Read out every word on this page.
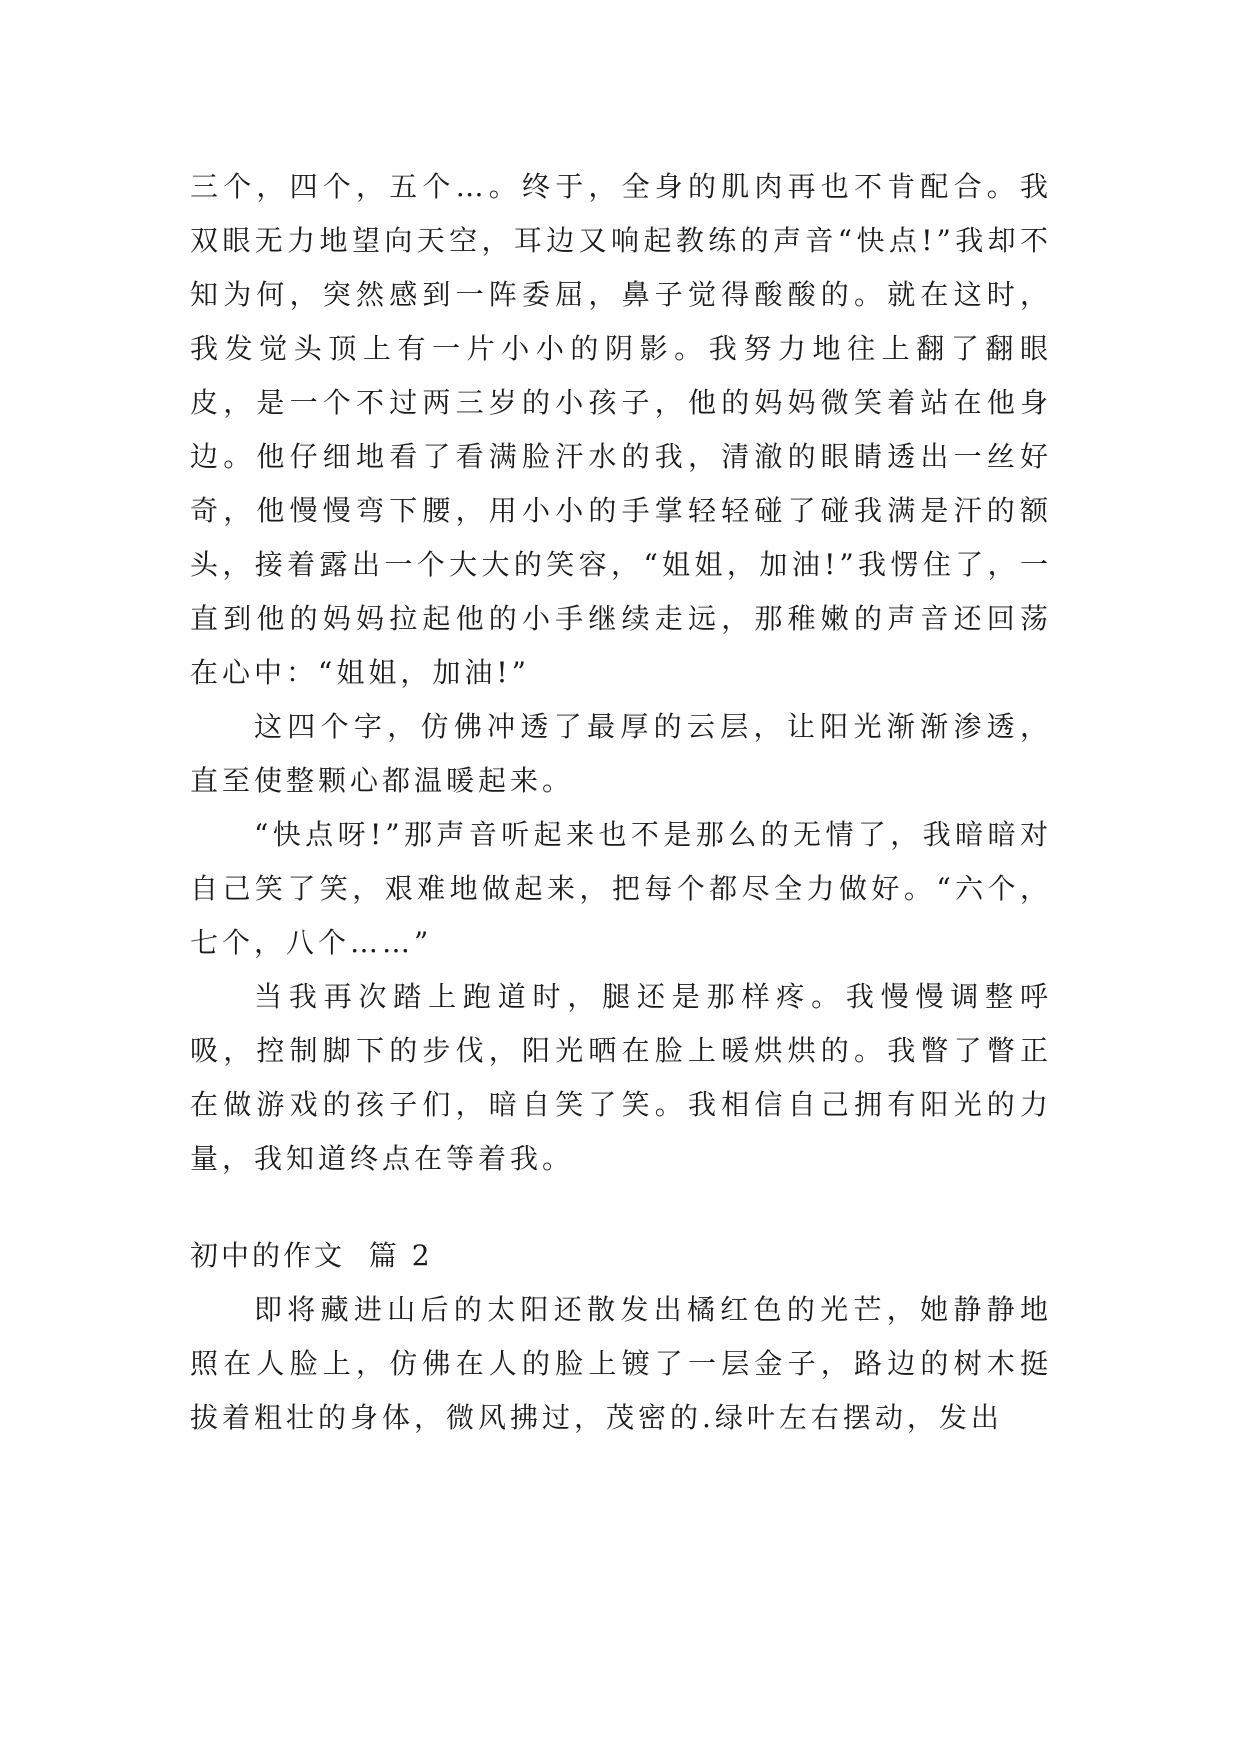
三个，四个，五个…。终于，全身的肌肉再也不肯配合。我双眼无力地望向天空，耳边又响起教练的声音“快点!”我却不知为何，突然感到一阵委屈，鼻子觉得酸酸的。就在这时，我发觉头顶上有一片小小的阴影。我努力地往上翻了翻眼皮，是一个不过两三岁的小孩子，他的妈妈微笑着站在他身边。他仔细地看了看满脸汗水的我，清澈的眼睛透出一丝好奇，他慢慢弯下腰，用小小的手掌轻轻碰了碰我满是汗的额头，接着露出一个大大的笑容，“姐姐，加油!”我愣住了，一直到他的妈妈拉起他的小手继续走远，那稚嫩的声音还回荡在心中：“姐姐，加油!”

这四个字，仿佛冲透了最厚的云层，让阳光渐渐渗透，直至使整颗心都温暖起来。

“快点呀!”那声音听起来也不是那么的无情了，我暗暗对自己笑了笑，艰难地做起来，把每个都尽全力做好。“六个，七个，八个……”

当我再次踏上跑道时，腿还是那样疼。我慢慢调整呼吸，控制脚下的步伐，阳光晒在脸上暖烘烘的。我瞥了瞥正在做游戏的孩子们，暗自笑了笑。我相信自己拥有阳光的力量，我知道终点在等着我。

初中的作文  篇 2

即将藏进山后的太阳还散发出橘红色的光芒，她静静地照在人脸上，仿佛在人的脸上镀了一层金子，路边的树木挺拔着粗壮的身体，微风拂过，茂密的.绿叶左右摆动，发出
